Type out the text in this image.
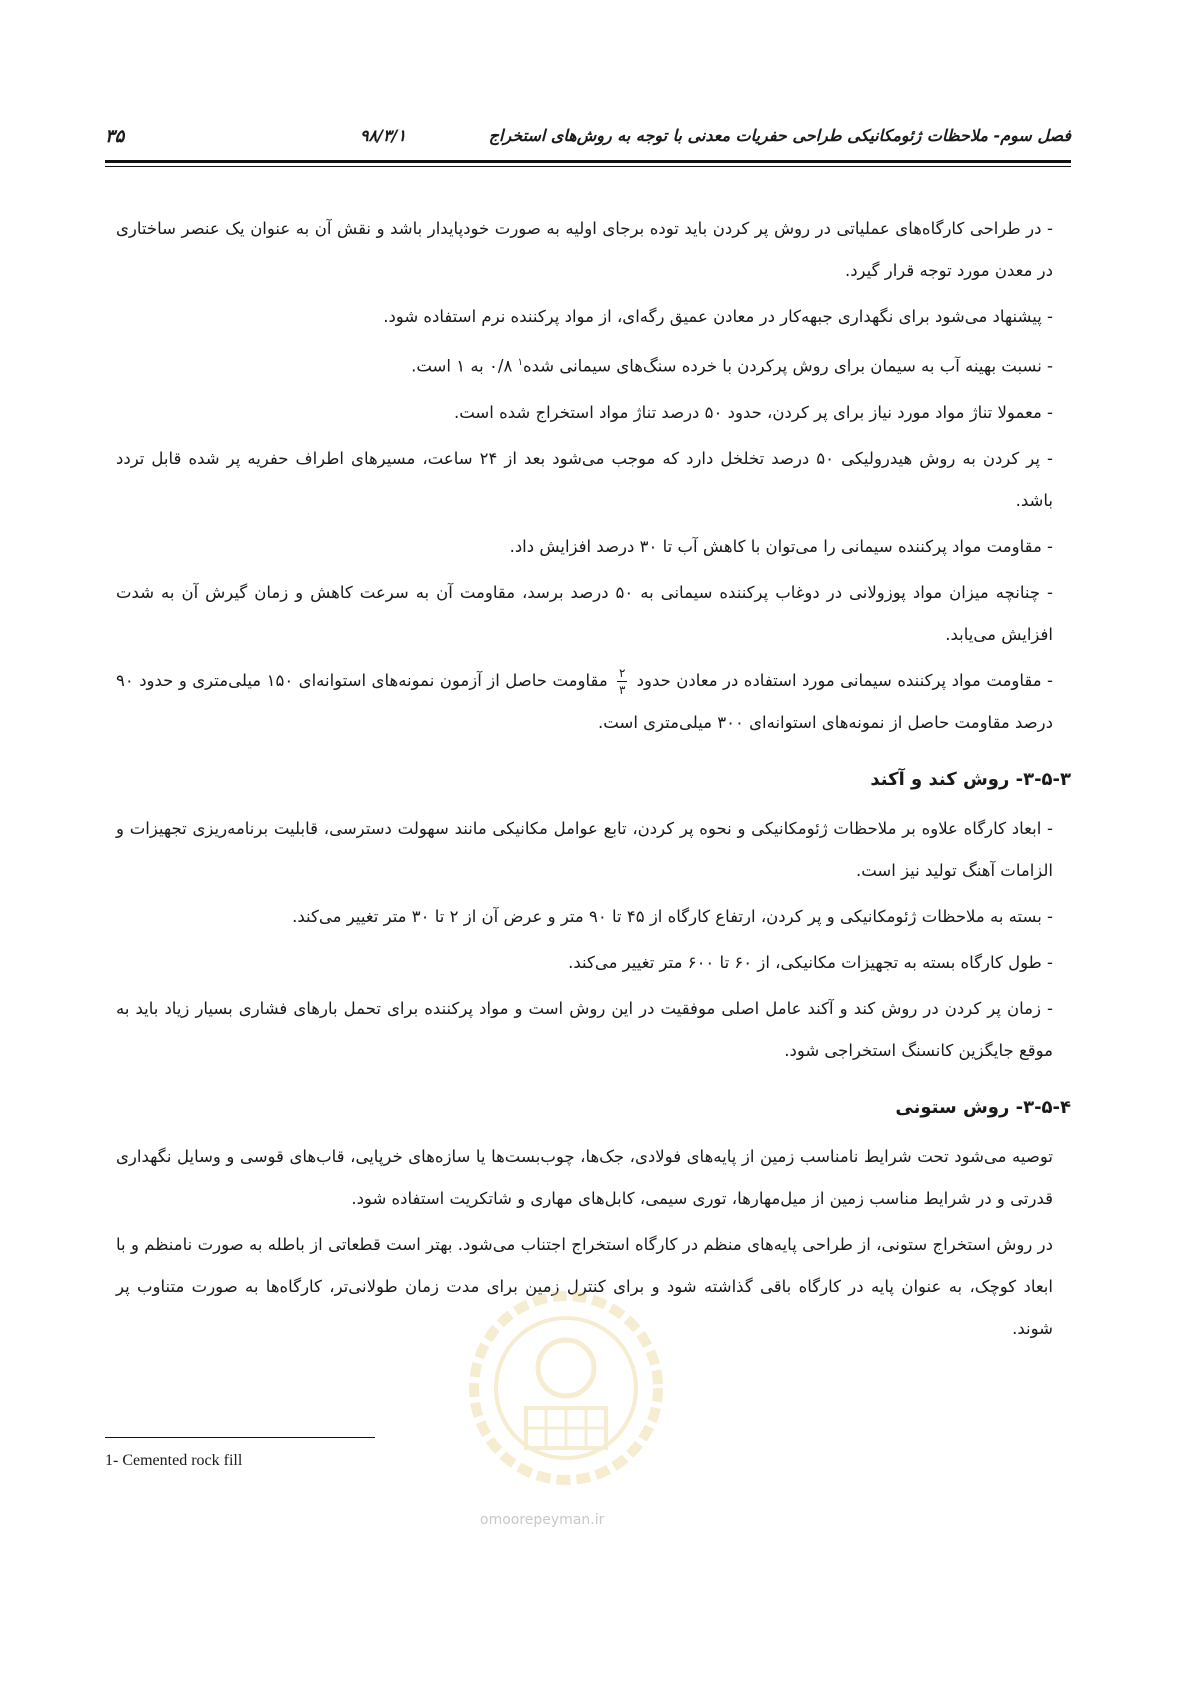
فصل سوم- ملاحظات ژئومکانیکی طراحی حفریات معدنی با توجه به روش‌های استخراج
۹۸/۳/۱
۳۵

- در طراحی کارگاه‌های عملیاتی در روش پر کردن باید توده برجای اولیه به صورت خودپایدار باشد و نقش آن به عنوان یک عنصر ساختاری در معدن مورد توجه قرار گیرد.

- پیشنهاد می‌شود برای نگهداری جبهه‌کار در معادن عمیق رگه‌ای، از مواد پرکننده نرم استفاده شود.

- نسبت بهینه آب به سیمان برای روش پرکردن با خرده سنگ‌های سیمانی شده$^۱$ ۰/۸ به ۱ است.

- معمولا تناژ مواد مورد نیاز برای پر کردن، حدود ۵۰ درصد تناژ مواد استخراج شده است.

- پر کردن به روش هیدرولیکی ۵۰ درصد تخلخل دارد که موجب می‌شود بعد از ۲۴ ساعت، مسیرهای اطراف حفریه پر شده قابل تردد باشد.

- مقاومت مواد پرکننده سیمانی را می‌توان با کاهش آب تا ۳۰ درصد افزایش داد.

- چنانچه میزان مواد پوزولانی در دوغاب پرکننده سیمانی به ۵۰ درصد برسد، مقاومت آن به سرعت کاهش و زمان گیرش آن به شدت افزایش می‌یابد.

- مقاومت مواد پرکننده سیمانی مورد استفاده در معادن حدود
$\frac{۲}{۳}$
مقاومت حاصل از آزمون نمونه‌های استوانه‌ای ۱۵۰ میلی‌متری و حدود ۹۰ درصد مقاومت حاصل از نمونه‌های استوانه‌ای ۳۰۰ میلی‌متری است.

۳-۵-۳- روش کند و آکند

- ابعاد کارگاه علاوه بر ملاحظات ژئومکانیکی و نحوه پر کردن، تابع عوامل مکانیکی مانند سهولت دسترسی، قابلیت برنامه‌ریزی تجهیزات و الزامات آهنگ تولید نیز است.

- بسته به ملاحظات ژئومکانیکی و پر کردن، ارتفاع کارگاه از ۴۵ تا ۹۰ متر و عرض آن از ۲ تا ۳۰ متر تغییر می‌کند.

- طول کارگاه بسته به تجهیزات مکانیکی، از ۶۰ تا ۶۰۰ متر تغییر می‌کند.

- زمان پر کردن در روش کند و آکند عامل اصلی موفقیت در این روش است و مواد پرکننده برای تحمل بارهای فشاری بسیار زیاد باید به موقع جایگزین کانسنگ استخراجی شود.

۳-۵-۴- روش ستونی

توصیه می‌شود تحت شرایط نامناسب زمین از پایه‌های فولادی، جک‌ها، چوب‌بست‌ها یا سازه‌های خرپایی، قاب‌های قوسی و وسایل نگهداری قدرتی و در شرایط مناسب زمین از میل‌مهارها، توری سیمی، کابل‌های مهاری و شاتکریت استفاده شود.

در روش استخراج ستونی، از طراحی پایه‌های منظم در کارگاه استخراج اجتناب می‌شود. بهتر است قطعاتی از باطله به صورت نامنظم و با ابعاد کوچک، به عنوان پایه در کارگاه باقی گذاشته شود و برای کنترل زمین برای مدت زمان طولانی‌تر، کارگاه‌ها به صورت متناوب پر شوند.

1- Cemented rock fill
omoorepeyman.ir
